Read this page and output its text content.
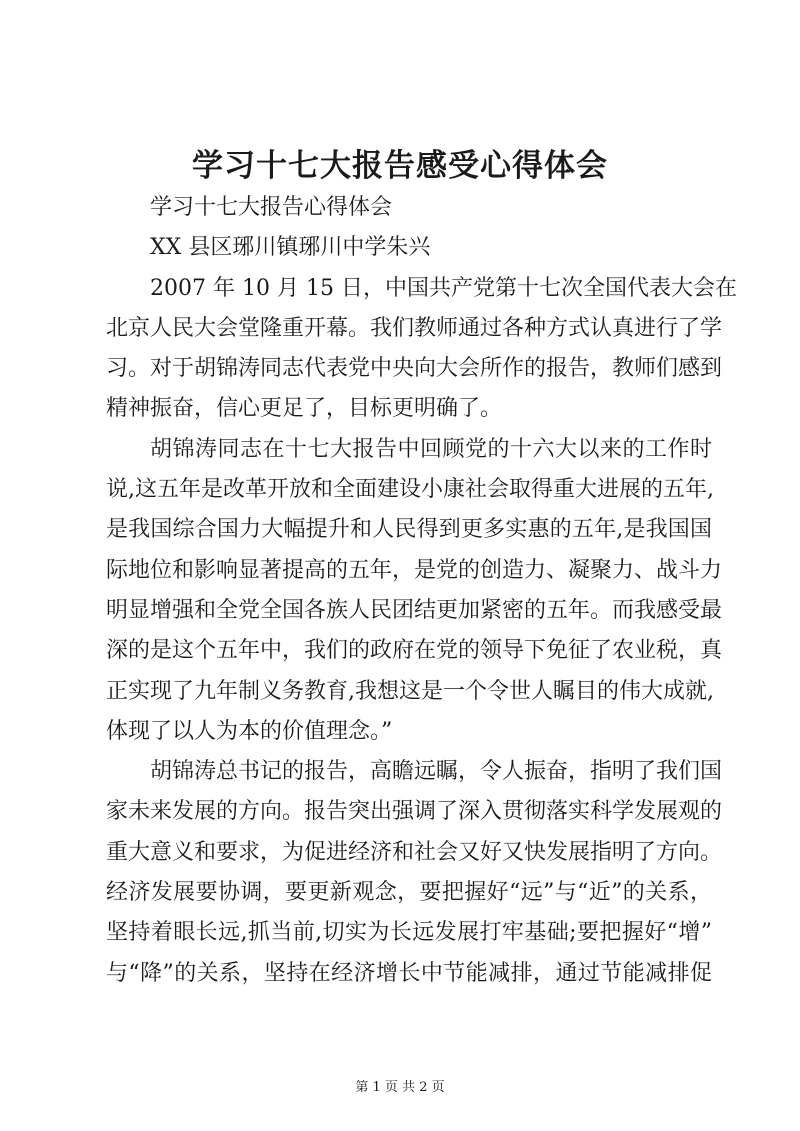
学习十七大报告感受心得体会
学习十七大报告心得体会
XX 县区琊川镇琊川中学朱兴
2007 年 10 月 15 日，中国共产党第十七次全国代表大会在
北京人民大会堂隆重开幕。我们教师通过各种方式认真进行了学
习。对于胡锦涛同志代表党中央向大会所作的报告，教师们感到
精神振奋，信心更足了，目标更明确了。
胡锦涛同志在十七大报告中回顾党的十六大以来的工作时
说,这五年是改革开放和全面建设小康社会取得重大进展的五年,
是我国综合国力大幅提升和人民得到更多实惠的五年,是我国国
际地位和影响显著提高的五年，是党的创造力、凝聚力、战斗力
明显增强和全党全国各族人民团结更加紧密的五年。而我感受最
深的是这个五年中，我们的政府在党的领导下免征了农业税，真
正实现了九年制义务教育,我想这是一个令世人瞩目的伟大成就,
体现了以人为本的价值理念。”
胡锦涛总书记的报告，高瞻远瞩，令人振奋，指明了我们国
家未来发展的方向。报告突出强调了深入贯彻落实科学发展观的
重大意义和要求，为促进经济和社会又好又快发展指明了方向。
经济发展要协调，要更新观念，要把握好“远”与“近”的关系，
坚持着眼长远,抓当前,切实为长远发展打牢基础;要把握好“增”
与“降”的关系，坚持在经济增长中节能减排，通过节能减排促
第 1 页 共 2 页
